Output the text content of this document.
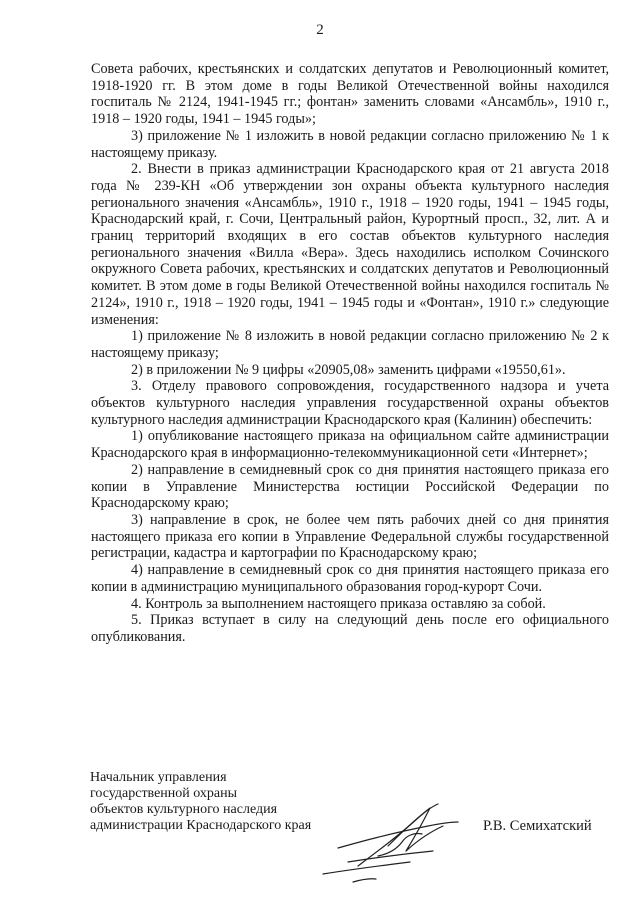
2

Совета рабочих, крестьянских и солдатских депутатов и Революционный комитет, 1918-1920 гг. В этом доме в годы Великой Отечественной войны находился госпиталь № 2124, 1941-1945 гг.; фонтан» заменить словами «Ансамбль», 1910 г., 1918 – 1920 годы, 1941 – 1945 годы»;

3) приложение № 1 изложить в новой редакции согласно приложению № 1 к настоящему приказу.

2. Внести в приказ администрации Краснодарского края от 21 августа 2018 года № 239-КН «Об утверждении зон охраны объекта культурного наследия регионального значения «Ансамбль», 1910 г., 1918 – 1920 годы, 1941 – 1945 годы, Краснодарский край, г. Сочи, Центральный район, Курортный просп., 32, лит. А и границ территорий входящих в его состав объектов культурного наследия регионального значения «Вилла «Вера». Здесь находились исполком Сочинского окружного Совета рабочих, крестьянских и солдатских депутатов и Революционный комитет. В этом доме в годы Великой Отечественной войны находился госпиталь № 2124», 1910 г., 1918 – 1920 годы, 1941 – 1945 годы и «Фонтан», 1910 г.» следующие изменения:

1) приложение № 8 изложить в новой редакции согласно приложению № 2 к настоящему приказу;

2) в приложении № 9 цифры «20905,08» заменить цифрами «19550,61».

3. Отделу правового сопровождения, государственного надзора и учета объектов культурного наследия управления государственной охраны объектов культурного наследия администрации Краснодарского края (Калинин) обеспечить:

1) опубликование настоящего приказа на официальном сайте администрации Краснодарского края в информационно-телекоммуникационной сети «Интернет»;

2) направление в семидневный срок со дня принятия настоящего приказа его копии в Управление Министерства юстиции Российской Федерации по Краснодарскому краю;

3) направление в срок, не более чем пять рабочих дней со дня принятия настоящего приказа его копии в Управление Федеральной службы государственной регистрации, кадастра и картографии по Краснодарскому краю;

4) направление в семидневный срок со дня принятия настоящего приказа его копии в администрацию муниципального образования город-курорт Сочи.

4. Контроль за выполнением настоящего приказа оставляю за собой.

5. Приказ вступает в силу на следующий день после его официального опубликования.

Начальник управления
государственной охраны
объектов культурного наследия
администрации Краснодарского края	Р.В. Семихатский
